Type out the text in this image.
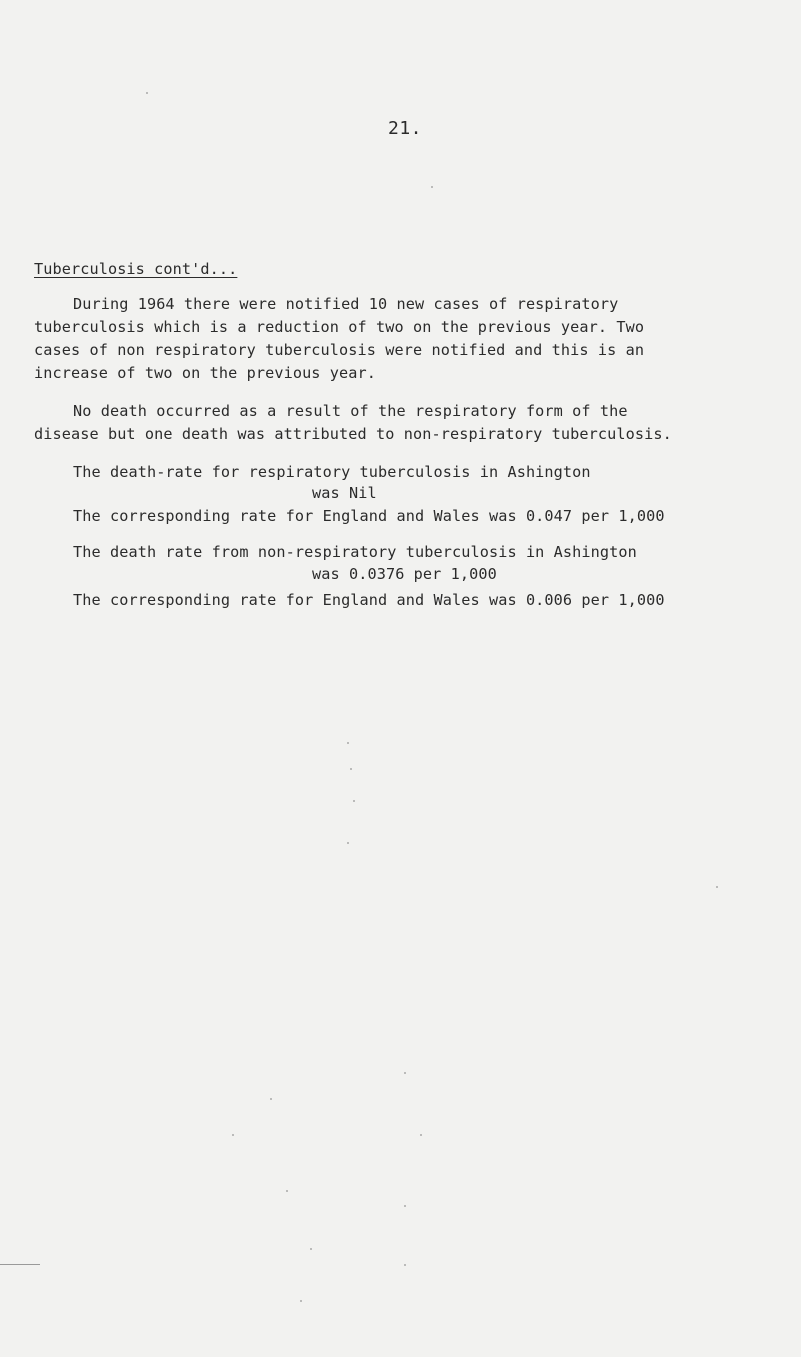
21.
Tuberculosis cont'd...
During 1964 there were notified 10 new cases of respiratory
tuberculosis which is a reduction of two on the previous year. Two
cases of non respiratory tuberculosis were notified and this is an
increase of two on the previous year.
No death occurred as a result of the respiratory form of the
disease but one death was attributed to non-respiratory tuberculosis.
The death-rate for respiratory tuberculosis in Ashington
was Nil
The corresponding rate for England and Wales was 0.047 per 1,000
The death rate from non-respiratory tuberculosis in Ashington
was 0.0376 per 1,000
The corresponding rate for England and Wales was 0.006 per 1,000
